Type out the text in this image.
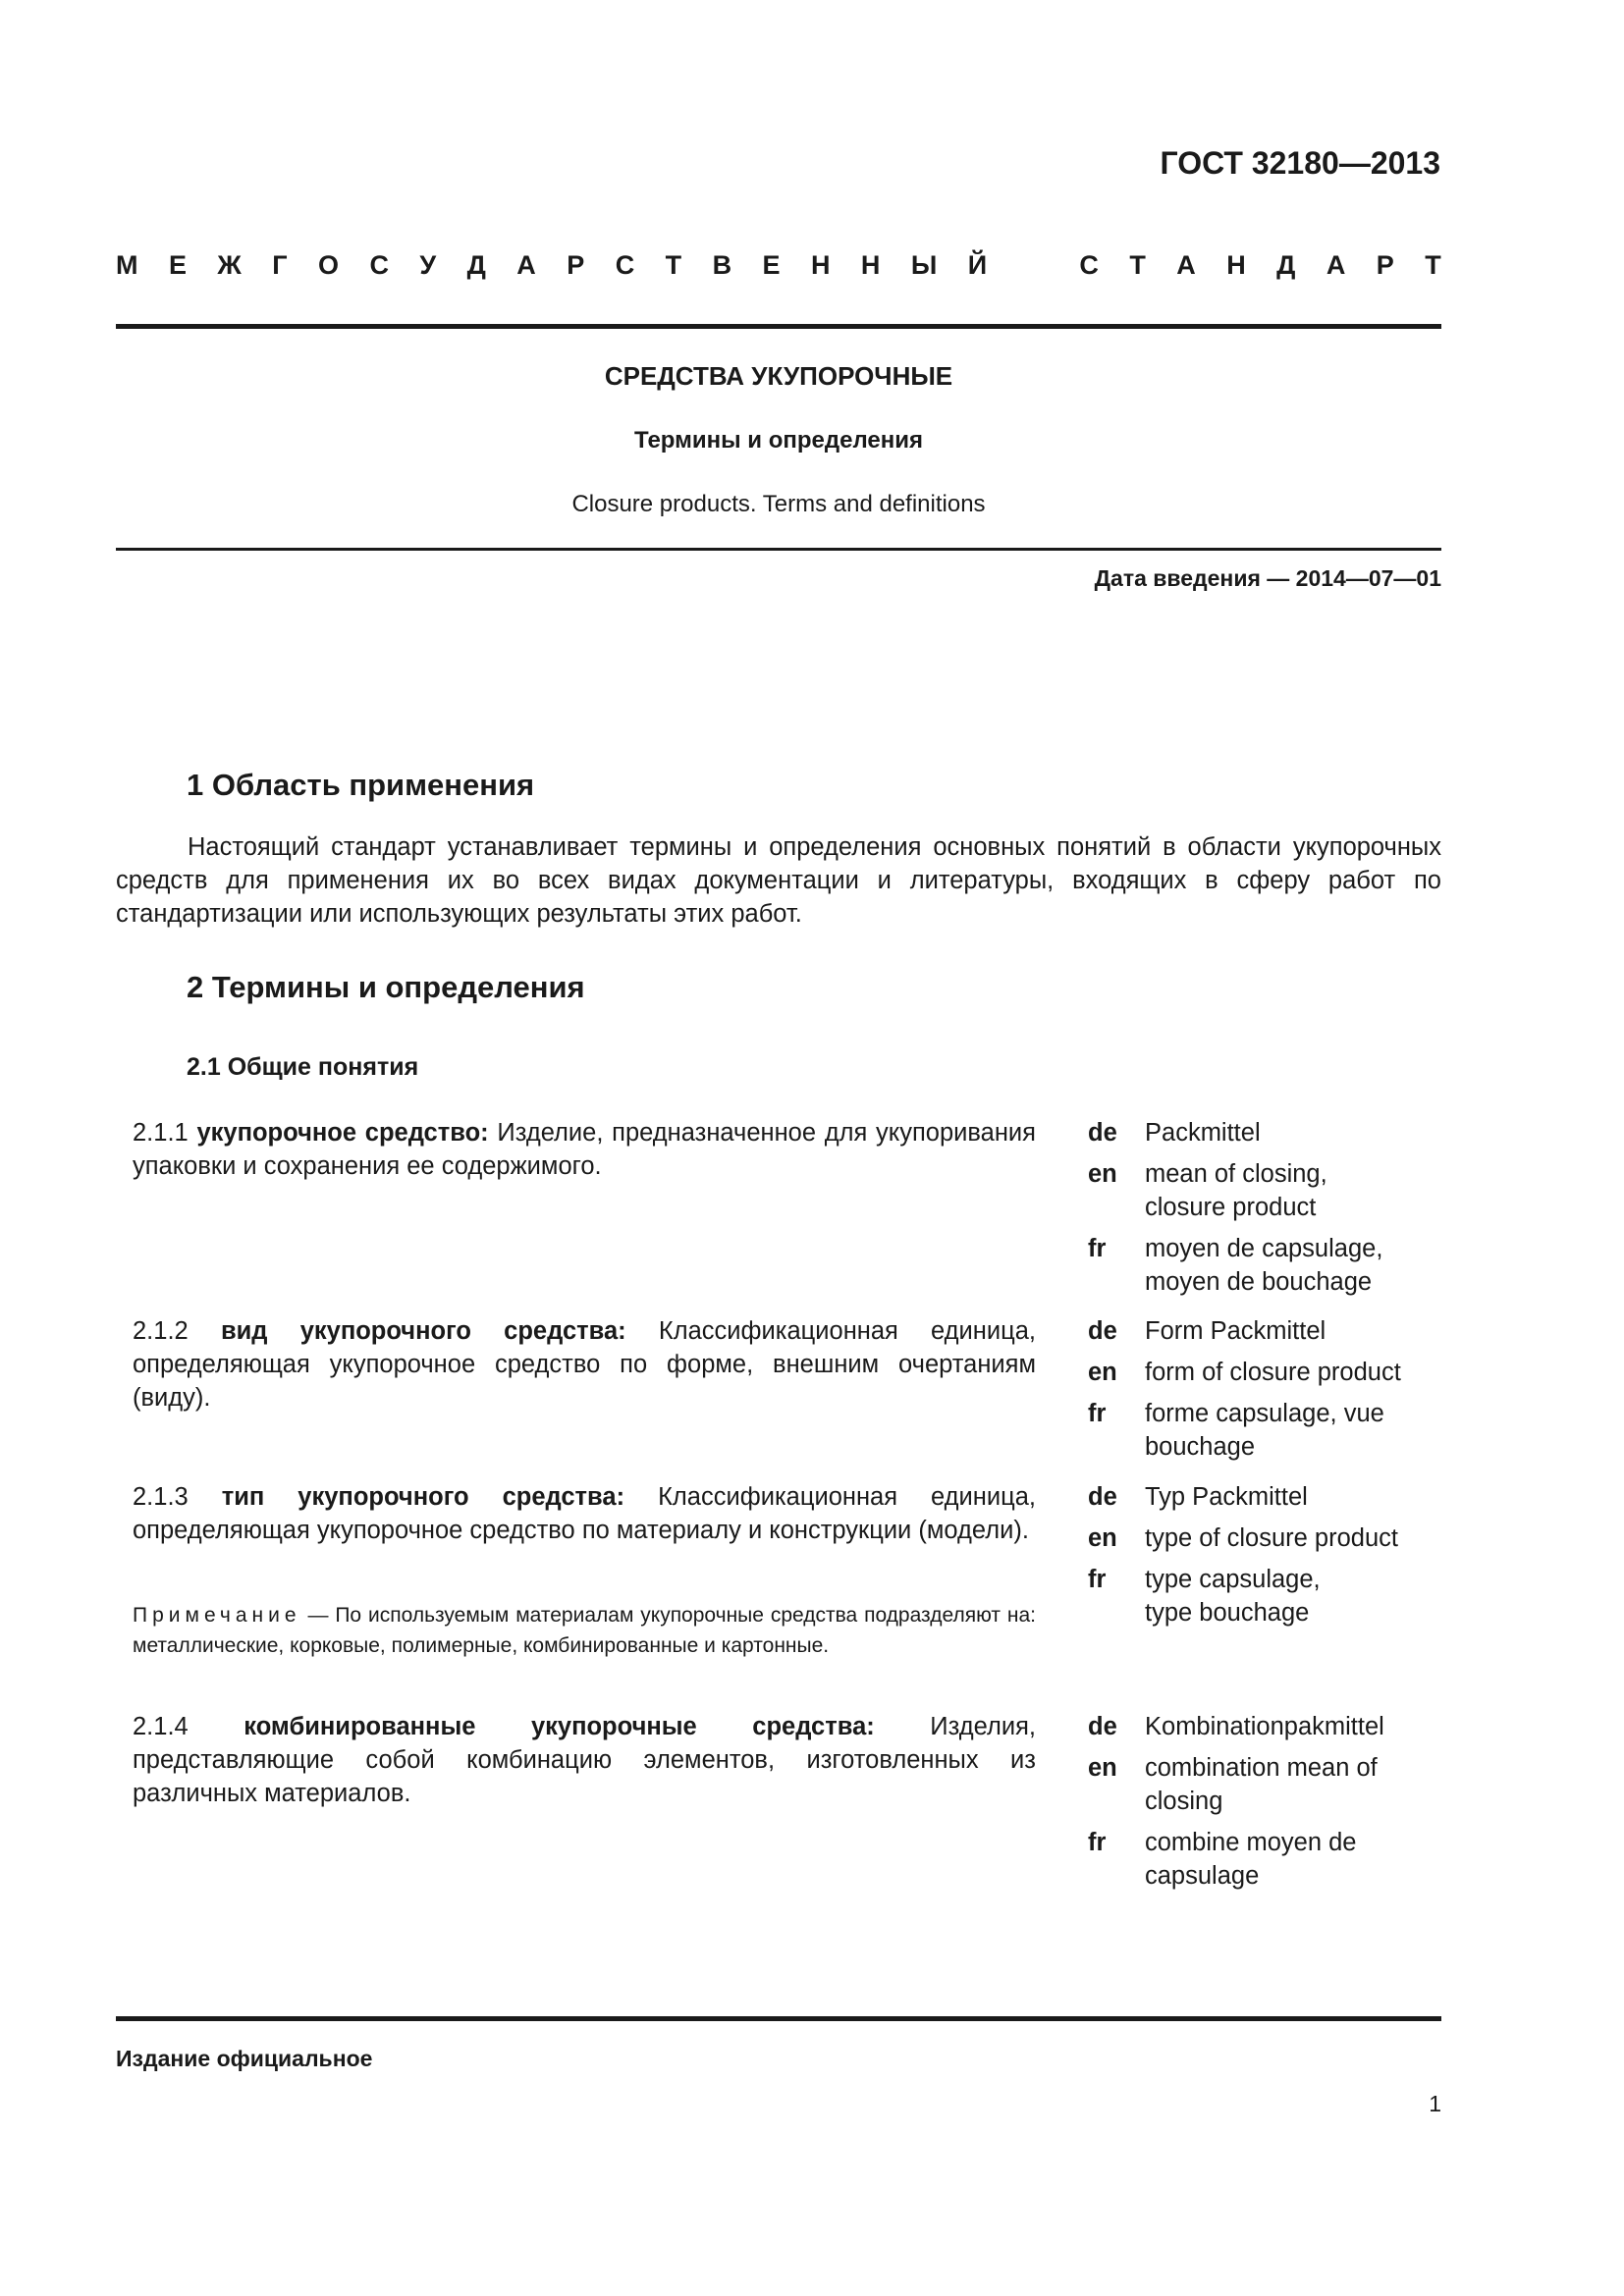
ГОСТ 32180—2013
М Е Ж Г О С У Д А Р С Т В Е Н Н Ы Й	С Т А Н Д А Р Т
СРЕДСТВА УКУПОРОЧНЫЕ
Термины и определения
Closure products. Terms and definitions
Дата введения — 2014—07—01
1 Область применения
Настоящий стандарт устанавливает термины и определения основных понятий в области укупорочных средств для применения их во всех видах документации и литературы, входящих в сферу работ по стандартизации или использующих результаты этих работ.
2 Термины и определения
2.1 Общие понятия
2.1.1 укупорочное средство: Изделие, предназначенное для укупоривания упаковки и сохранения ее содержимого.
de	Packmittel
en	mean of closing, closure product
fr	moyen de capsulage, moyen de bouchage
2.1.2 вид укупорочного средства: Классификационная единица, определяющая укупорочное средство по форме, внешним очертаниям (виду).
de	Form Packmittel
en	form of closure product
fr	forme capsulage, vue bouchage
2.1.3 тип укупорочного средства: Классификационная единица, определяющая укупорочное средство по материалу и конструкции (модели).
Примечание — По используемым материалам укупорочные средства подразделяют на: металлические, корковые, полимерные, комбинированные и картонные.
de	Typ Packmittel
en	type of closure product
fr	type capsulage, type bouchage
2.1.4 комбинированные укупорочные средства: Изделия, представляющие собой комбинацию элементов, изготовленных из различных материалов.
de	Kombinationpakmittel
en	combination mean of closing
fr	combine moyen de capsulage
Издание официальное
1
